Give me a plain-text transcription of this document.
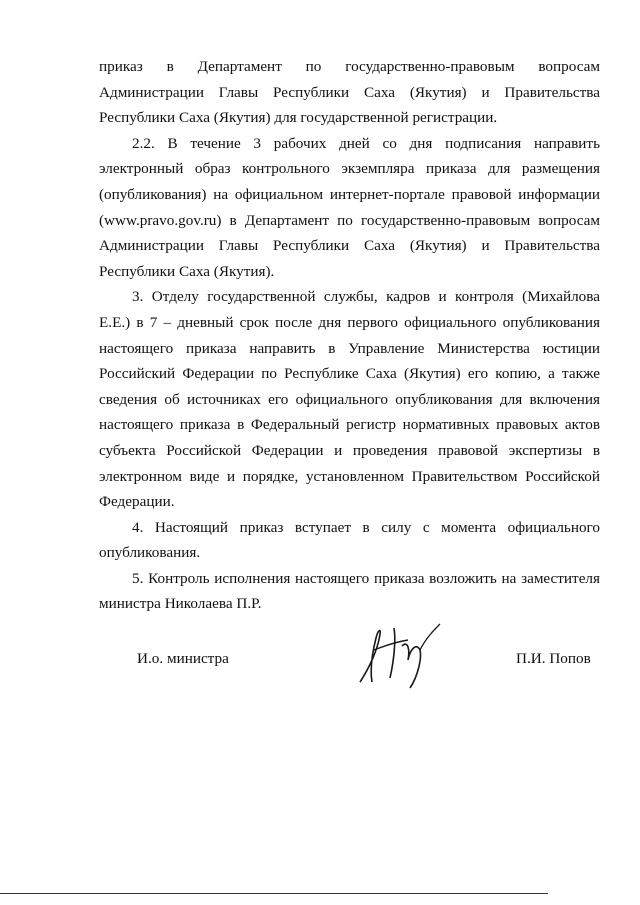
приказ в Департамент по государственно-правовым вопросам Администрации Главы Республики Саха (Якутия) и Правительства Республики Саха (Якутия) для государственной регистрации.

2.2. В течение 3 рабочих дней со дня подписания направить электронный образ контрольного экземпляра приказа для размещения (опубликования) на официальном интернет-портале правовой информации (www.pravo.gov.ru) в Департамент по государственно-правовым вопросам Администрации Главы Республики Саха (Якутия) и Правительства Республики Саха (Якутия).

3. Отделу государственной службы, кадров и контроля (Михайлова Е.Е.) в 7 – дневный срок после дня первого официального опубликования настоящего приказа направить в Управление Министерства юстиции Российский Федерации по Республике Саха (Якутия) его копию, а также сведения об источниках его официального опубликования для включения настоящего приказа в Федеральный регистр нормативных правовых актов субъекта Российской Федерации и проведения правовой экспертизы в электронном виде и порядке, установленном Правительством Российской Федерации.

4. Настоящий приказ вступает в силу с момента официального опубликования.

5. Контроль исполнения настоящего приказа возложить на заместителя министра Николаева П.Р.

И.о. министра	П.И. Попов
